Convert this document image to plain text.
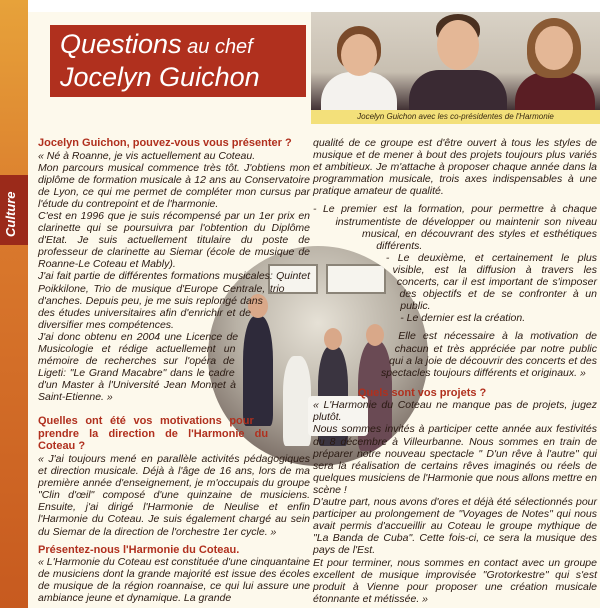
Culture
Questions au chef
Jocelyn Guichon
Jocelyn Guichon avec les co-présidentes de l'Harmonie

Jocelyn Guichon, pouvez-vous vous présenter ?

« Né à Roanne, je vis actuellement au Coteau.

Mon parcours musical commence très tôt. J'obtiens mon diplôme de formation musicale à 12 ans au Conservatoire de Lyon, ce qui me permet de compléter mon cursus par l'étude du contrepoint et de l'harmonie.

C'est en 1996 que je suis récompensé par un 1er prix en clarinette qui se poursuivra par l'obtention du Diplôme d'Etat. Je suis actuellement titulaire du poste de professeur de clarinette au Siemar (école de musique de Roanne-Le Coteau et Mably).

J'ai fait partie de différentes formations musicales: Quintet Poikkilone, Trio de musique d'Europe Centrale, trio d'anches. Depuis peu, je me suis replongé dans des études universitaires afin d'enrichir et de diversifier mes compétences.

J'ai donc obtenu en 2004 une Licence de Musicologie et rédige actuellement un mémoire de recherches sur l'opéra de Ligeti: "Le Grand Macabre" dans le cadre d'un Master à l'Université Jean Monnet à Saint-Etienne. »

Quelles ont été vos motivations pour prendre la direction de l'Harmonie du Coteau ?

« J'ai toujours mené en parallèle activités pédagogiques et direction musicale. Déjà à l'âge de 16 ans, lors de ma première année d'enseignement, je m'occupais du groupe "Clin d'œil" composé d'une quinzaine de musiciens. Ensuite, j'ai dirigé l'Harmonie de Neulise et enfin l'Harmonie du Coteau. Je suis également chargé au sein du Siemar de la direction de l'orchestre 1er cycle. »

Présentez-nous l'Harmonie du Coteau.

« L'Harmonie du Coteau est constituée d'une cinquantaine de musiciens dont la grande majorité est issue des écoles de musique de la région roannaise, ce qui lui assure une ambiance jeune et dynamique. La grande

qualité de ce groupe est d'être ouvert à tous les styles de musique et de mener à bout des projets toujours plus variés et ambitieux. Je m'attache à proposer chaque année dans la programmation musicale, trois axes indispensables à une pratique amateur de qualité.

- Le premier est la formation, pour permettre à chaque instrumentiste de développer ou maintenir son niveau musical, en découvrant des styles et esthétiques différents.

- Le deuxième, et certainement le plus visible, est la diffusion à travers les concerts, car il est important de s'imposer des objectifs et de se confronter à un public.

- Le dernier est la création.

Elle est nécessaire à la motivation de chacun et très appréciée par notre public qui a la joie de découvrir des concerts et des spectacles toujours différents et originaux. »

Quels sont vos projets ?

« L'Harmonie du Coteau ne manque pas de projets, jugez plutôt.

Nous sommes invités à participer cette année aux festivités du 8 décembre à Villeurbanne. Nous sommes en train de préparer notre nouveau spectacle " D'un rêve à l'autre" qui sera la réalisation de certains rêves imaginés ou réels de quelques musiciens de l'Harmonie que nous allons mettre en scène !

D'autre part, nous avons d'ores et déjà été sélectionnés pour participer au prolongement de "Voyages de Notes" qui nous avait permis d'accueillir au Coteau le groupe mythique de "La Banda de Cuba". Cette fois-ci, ce sera la musique des pays de l'Est.

Et pour terminer, nous sommes en contact avec un groupe excellent de musique improvisée "Grotorkestre" qui s'est produit à Vienne pour proposer une création musicale étonnante et métissée. »
